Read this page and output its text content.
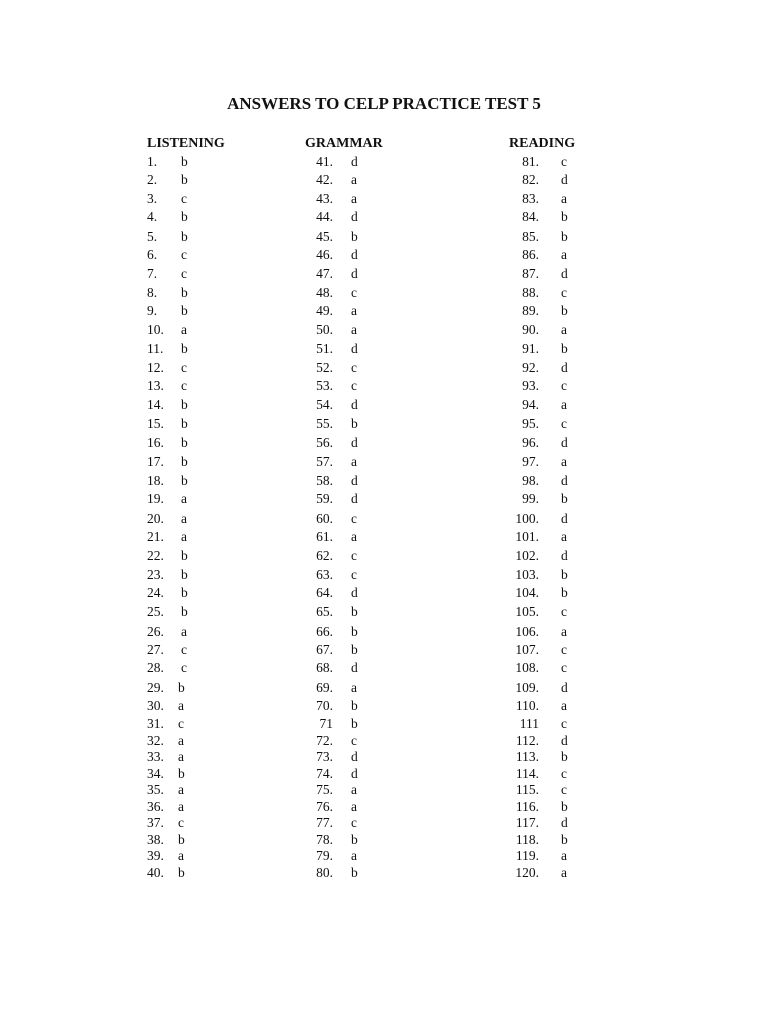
ANSWERS TO CELP PRACTICE TEST 5
LISTENING	GRAMMAR	READING
1. b
2. b
3. c
4. b
5. b
6. c
7. c
8. b
9. b
10. a
11. b
12. c
13. c
14. b
15. b
16. b
17. b
18. b
19. a
20. a
21. a
22. b
23. b
24. b
25. b
26. a
27. c
28. c
29. b
30. a
31. c
32. a
33. a
34. b
35. a
36. a
37. c
38. b
39. a
40. b
41. d
42. a
43. a
44. d
45. b
46. d
47. d
48. c
49. a
50. a
51. d
52. c
53. c
54. d
55. b
56. d
57. a
58. d
59. d
60. c
61. a
62. c
63. c
64. d
65. b
66. b
67. b
68. d
69. a
70. b
71 b
72. c
73. d
74. d
75. a
76. a
77. c
78. b
79. a
80. b
81. c
82. d
83. a
84. b
85. b
86. a
87. d
88. c
89. b
90. a
91. b
92. d
93. c
94. a
95. c
96. d
97. a
98. d
99. b
100. d
101. a
102. d
103. b
104. b
105. c
106. a
107. c
108. c
109. d
110. a
111 c
112. d
113. b
114. c
115. c
116. b
117. d
118. b
119. a
120. a
